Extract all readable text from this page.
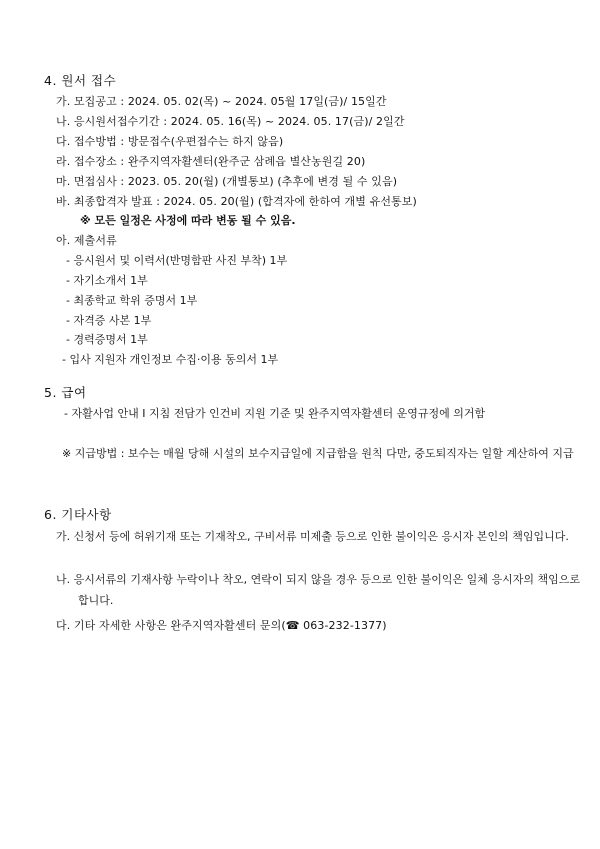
4. 원서 접수
가. 모집공고 : 2024. 05. 02(목) ~ 2024. 05월 17일(금)/ 15일간
나. 응시원서접수기간 : 2024. 05. 16(목) ~ 2024. 05. 17(금)/ 2일간
다. 접수방법 : 방문접수(우편접수는 하지 않음)
라. 접수장소 : 완주지역자활센터(완주군 삼례읍 별산농원길 20)
마. 면접심사 : 2023. 05. 20(월) (개별통보) (추후에 변경 될 수 있음)
바. 최종합격자 발표 : 2024. 05. 20(월) (합격자에 한하여 개별 유선통보)
※ 모든 일정은 사정에 따라 변동 될 수 있음.
아. 제출서류
- 응시원서 및 이력서(반명함판 사진 부착) 1부
- 자기소개서 1부
- 최종학교 학위 증명서 1부
- 자격증 사본 1부
- 경력증명서 1부
- 입사 지원자 개인정보 수집·이용 동의서 1부
5. 급여
- 자활사업 안내 Ⅰ 지침 전담가 인건비 지원 기준 및 완주지역자활센터 운영규정에 의거함
※ 지급방법 : 보수는 매월 당해 시설의 보수지급일에 지급함을 원칙 다만, 중도퇴직자는 일할 계산하여 지급
6. 기타사항
가. 신청서 등에 허위기재 또는 기재착오, 구비서류 미제출 등으로 인한 불이익은 응시자 본인의 책임입니다.
나. 응시서류의 기재사항 누락이나 착오, 연락이 되지 않을 경우 등으로 인한 불이익은 일체 응시자의 책임으로 합니다.
다. 기타 자세한 사항은 완주지역자활센터 문의(☎ 063-232-1377)
